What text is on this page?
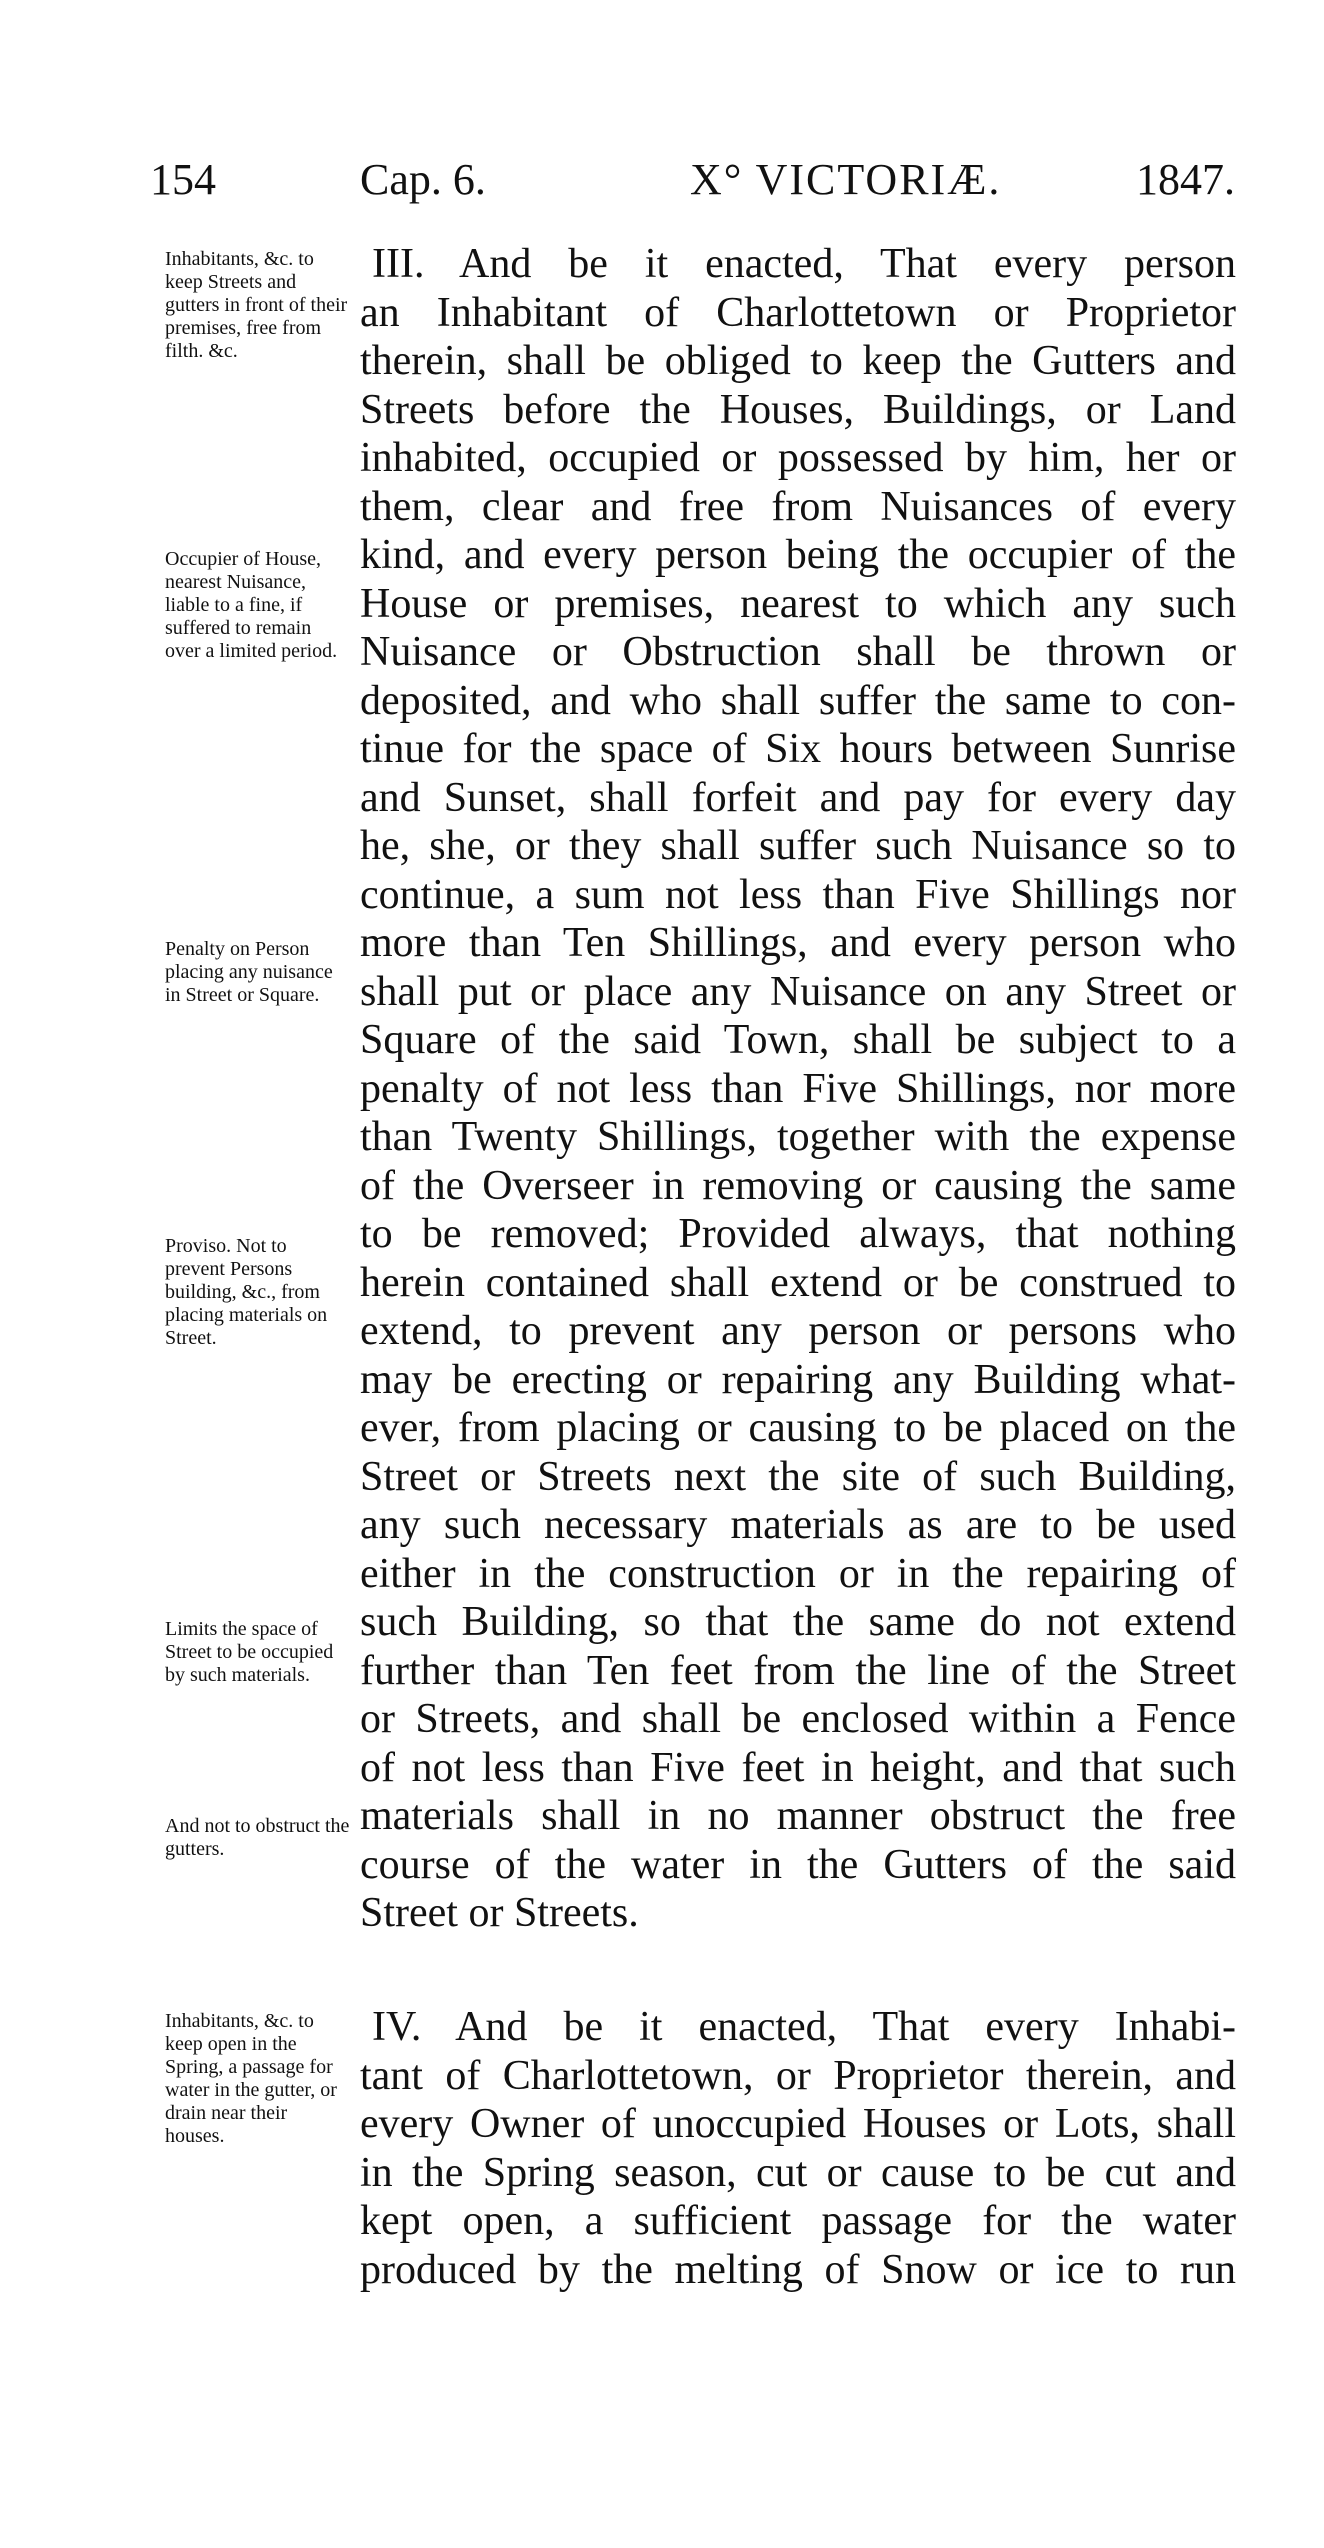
154	Cap. 6.	X° VICTORIÆ.	1847.
Inhabitants, &c. to keep Streets and gutters in front of their premises, free from filth. &c.
Occupier of House, nearest Nuisance, liable to a fine, if suffered to remain over a limited period.
Penalty on Person placing any nuisance in Street or Square.
Proviso. Not to prevent Persons building, &c., from placing materials on Street.
Limits the space of Street to be occupied by such materials.
And not to obstruct the gutters.
Inhabitants, &c. to keep open in the Spring, a passage for water in the gutter, or drain near their houses.
III. And be it enacted, That every person
an Inhabitant of Charlottetown or Proprietor
therein, shall be obliged to keep the Gutters and
Streets before the Houses, Buildings, or Land
inhabited, occupied or possessed by him, her or
them, clear and free from Nuisances of every
kind, and every person being the occupier of the
House or premises, nearest to which any such
Nuisance or Obstruction shall be thrown or
deposited, and who shall suffer the same to con-
tinue for the space of Six hours between Sunrise
and Sunset, shall forfeit and pay for every day
he, she, or they shall suffer such Nuisance so to
continue, a sum not less than Five Shillings nor
more than Ten Shillings, and every person who
shall put or place any Nuisance on any Street or
Square of the said Town, shall be subject to a
penalty of not less than Five Shillings, nor more
than Twenty Shillings, together with the expense
of the Overseer in removing or causing the same
to be removed; Provided always, that nothing
herein contained shall extend or be construed to
extend, to prevent any person or persons who
may be erecting or repairing any Building what-
ever, from placing or causing to be placed on the
Street or Streets next the site of such Building,
any such necessary materials as are to be used
either in the construction or in the repairing of
such Building, so that the same do not extend
further than Ten feet from the line of the Street
or Streets, and shall be enclosed within a Fence
of not less than Five feet in height, and that such
materials shall in no manner obstruct the free
course of the water in the Gutters of the said
Street or Streets.
IV. And be it enacted, That every Inhabi-
tant of Charlottetown, or Proprietor therein, and
every Owner of unoccupied Houses or Lots, shall
in the Spring season, cut or cause to be cut and
kept open, a sufficient passage for the water
produced by the melting of Snow or ice to run
